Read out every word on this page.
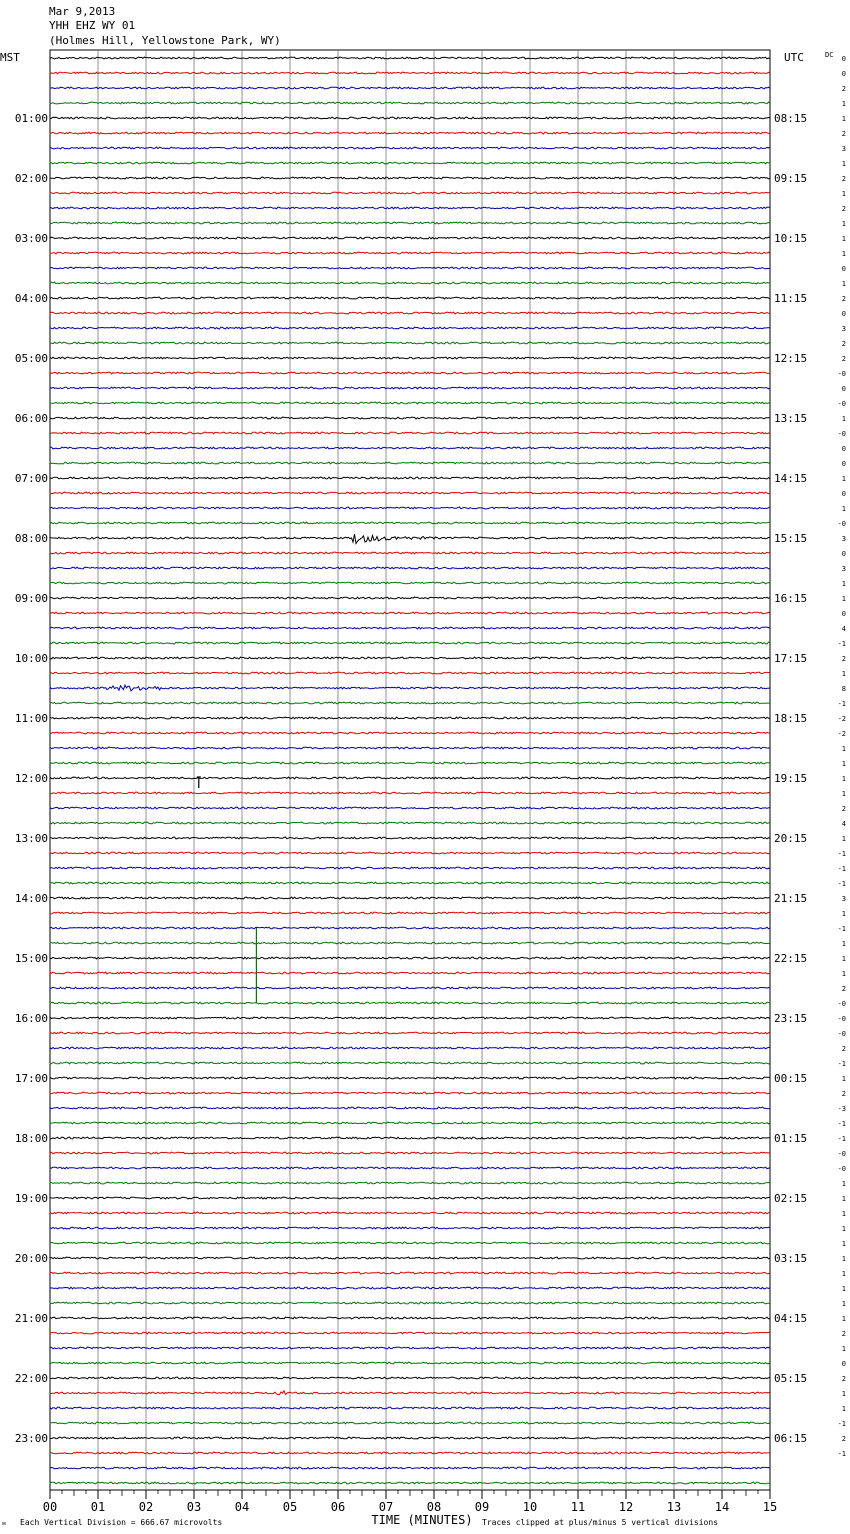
Mar 9,2013
YHH EHZ WY 01
(Holmes Hill, Yellowstone Park, WY)
00	01	02	03	04	05	06	07	08	09	10	11	12	13	14	15
MST	UTC	DC
TIME (MINUTES)
Each Vertical Division = 666.67 microvolts	Traces clipped at plus/minus 5 vertical divisions
0
0
2
1
1
01:00	08:15
2
3
1
2
02:00	09:15
1
2
1
1
03:00	10:15
1
0
1
2
04:00	11:15
0
3
2
2
05:00	12:15
-0
0
-0
1
06:00	13:15
-0
0
0
1
07:00	14:15
0
1
-0
3
08:00	15:15
0
3
1
1
09:00	16:15
0
4
-1
2
10:00	17:15
1
8
-1
-2
11:00	18:15
-2
1
1
1
12:00	19:15
1
2
4
1
13:00	20:15
-1
-1
-1
3
14:00	21:15
1
-1
1
1
15:00	22:15
1
2
-0
-0
16:00	23:15
-0
2
-1
1
17:00	00:15
2
-3
-1
-1
18:00	01:15
-0
-0
1
1
19:00	02:15
1
1
1
1
20:00	03:15
1
1
1
1
21:00	04:15
2
1
0
2
22:00	05:15
1
1
-1
2
23:00	06:15
-1
ᴍ
